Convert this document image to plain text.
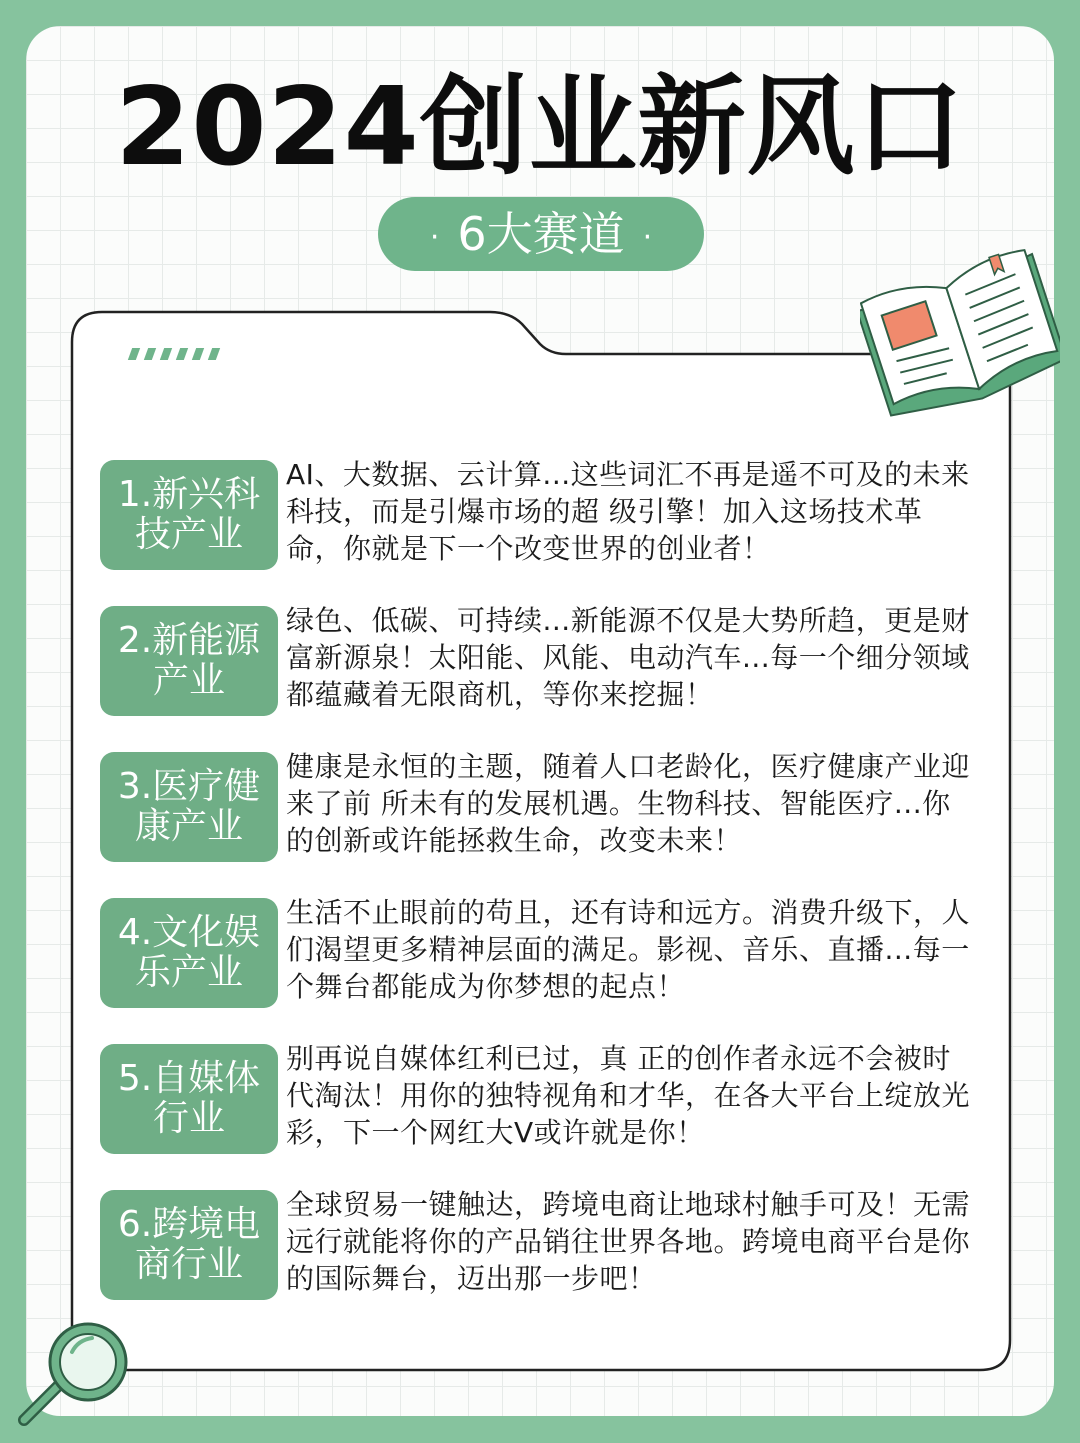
2024创业新风口
· 6大赛道 ·
1.新兴科技产业
AI、大数据、云计算...这些词汇不再是遥不可及的未来科技，而是引爆市场的超 级引擎！加入这场技术革命，你就是下一个改变世界的创业者！
2.新能源产业
绿色、低碳、可持续...新能源不仅是大势所趋，更是财富新源泉！太阳能、风能、电动汽车...每一个细分领域都蕴藏着无限商机，等你来挖掘！
3.医疗健康产业
健康是永恒的主题，随着人口老龄化，医疗健康产业迎来了前 所未有的发展机遇。生物科技、智能医疗...你的创新或许能拯救生命，改变未来！
4.文化娱乐产业
生活不止眼前的苟且，还有诗和远方。消费升级下，人们渴望更多精神层面的满足。影视、音乐、直播...每一个舞台都能成为你梦想的起点！
5.自媒体行业
别再说自媒体红利已过，真 正的创作者永远不会被时代淘汰！用你的独特视角和才华，在各大平台上绽放光彩，下一个网红大V或许就是你！
6.跨境电商行业
全球贸易一键触达，跨境电商让地球村触手可及！无需远行就能将你的产品销往世界各地。跨境电商平台是你的国际舞台，迈出那一步吧！
